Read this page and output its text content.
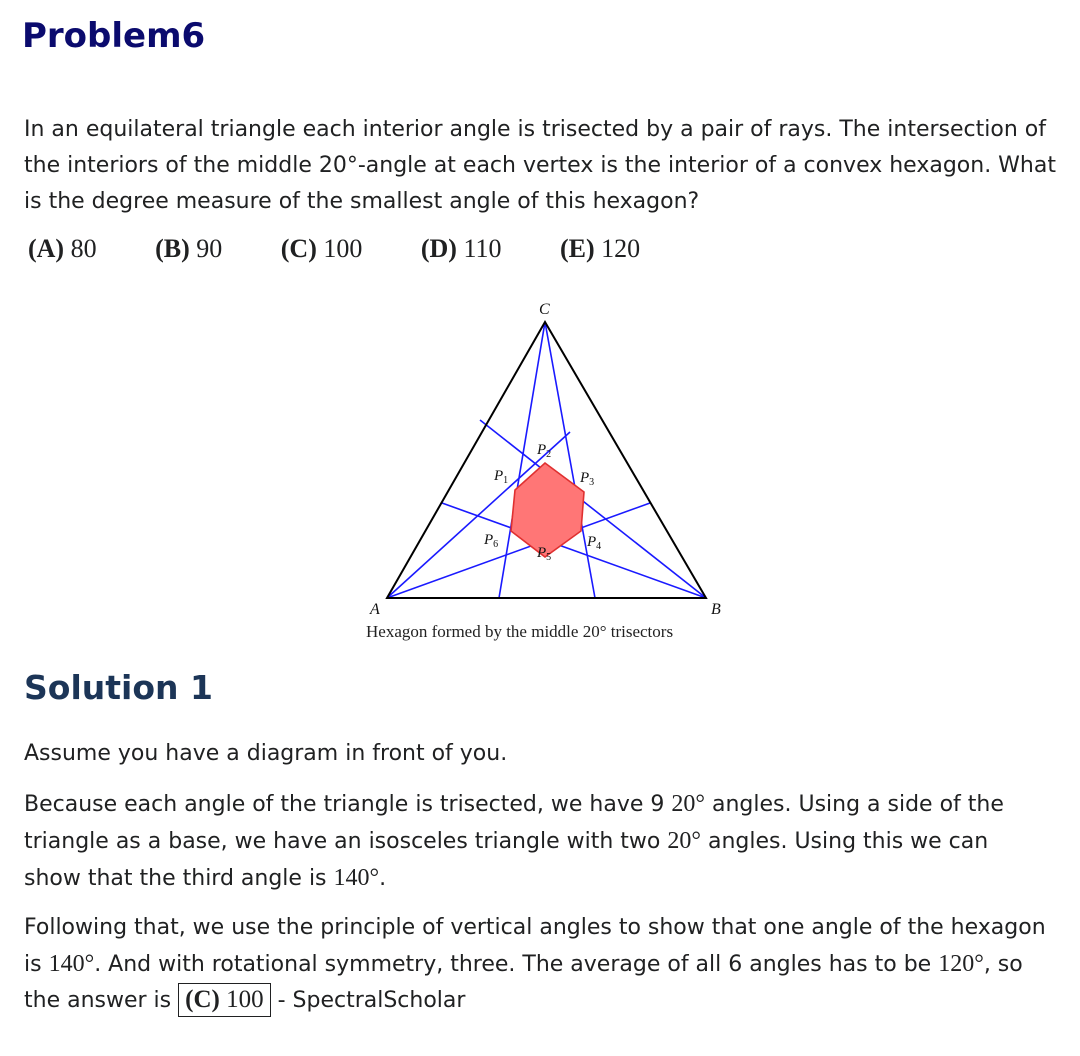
Problem6

In an equilateral triangle each interior angle is trisected by a pair of rays. The intersection of
the interiors of the middle 20°-angle at each vertex is the interior of a convex hexagon. What
is the degree measure of the smallest angle of this hexagon?

(A) 80 (B) 90 (C) 100 (D) 110 (E) 120
A	B
C
$P_1$
$P_2$
$P_3$
$P_4$
$P_5$
$P_6$

Hexagon formed by the middle 20° trisectors

Solution 1

Assume you have a diagram in front of you.

Because each angle of the triangle is trisected, we have 9 20° angles. Using a side of the
triangle as a base, we have an isosceles triangle with two 20° angles. Using this we can
show that the third angle is 140°.

Following that, we use the principle of vertical angles to show that one angle of the hexagon
is 140°. And with rotational symmetry, three. The average of all 6 angles has to be 120°, so
the answer is (C) 100 - SpectralScholar
